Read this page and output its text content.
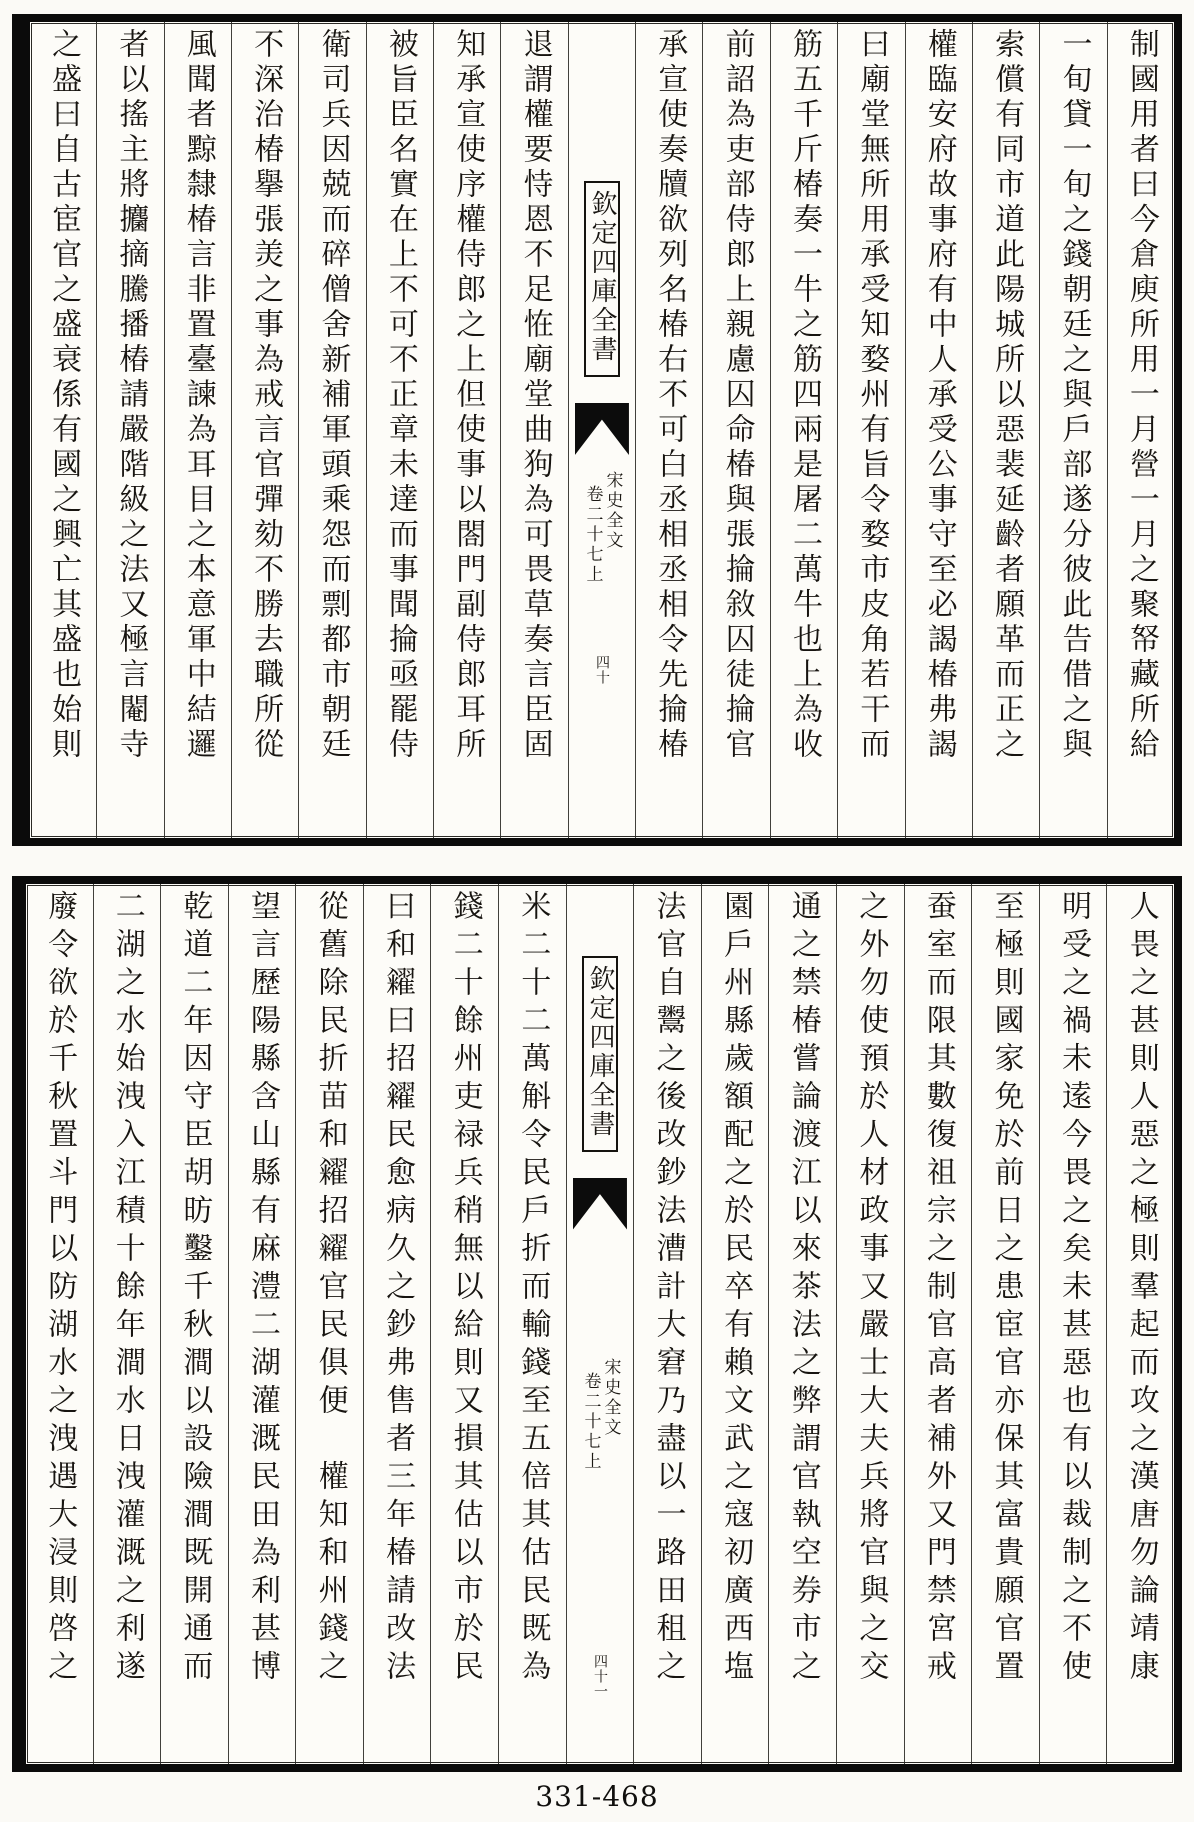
制國用者曰今倉庾所用一月營一月之聚帑藏所給
一旬貸一旬之錢朝廷之與戶部遂分彼此告借之與
索償有同市道此陽城所以惡裴延齡者願革而正之
權臨安府故事府有中人承受公事守至必謁椿弗謁
曰廟堂無所用承受知婺州有旨令婺市皮角若干而
筋五千斤椿奏一牛之筋四兩是屠二萬牛也上為收
前詔為吏部侍郎上親慮囚命椿與張掄敘囚徒掄官
承宣使奏牘欲列名椿右不可白丞相丞相令先掄椿
欽定四庫全書
宋史全文
卷二十七上
四十
退謂權要恃恩不足恠廟堂曲狗為可畏草奏言臣固
知承宣使序權侍郎之上但使事以閤門副侍郎耳所
被旨臣名實在上不可不正章未達而事聞掄亟罷侍
衛司兵因兢而碎僧舍新補軍頭乘怨而剽都市朝廷
不深治椿擧張羙之事為戒言官彈劾不勝去職所從
風聞者黥隸椿言非置臺諫為耳目之本意軍中結邏
者以搖主將攟摘騰播椿請嚴階級之法又極言閹寺
之盛曰自古宦官之盛衰係有國之興亡其盛也始則
人畏之甚則人惡之極則羣起而攻之漢唐勿論靖康
明受之禍未逺今畏之矣未甚惡也有以裁制之不使
至極則國家免於前日之患宦官亦保其富貴願官置
蚕室而限其數復祖宗之制官高者補外又門禁宮戒
之外勿使預於人材政事又嚴士大夫兵將官與之交
通之禁椿嘗論渡江以來茶法之弊謂官執空券市之
園戶州縣歲額配之於民卒有賴文武之寇初廣西塩
法官自鬻之後改鈔法漕計大窘乃盡以一路田租之
欽定四庫全書
宋史全文
卷二十七上
四十一
米二十二萬斛令民戶折而輸錢至五倍其估民既為
錢二十餘州吏禄兵稍無以給則又損其估以市於民
曰和糴曰招糴民愈病久之鈔弗售者三年椿請改法
從舊除民折苗和糴招糴官民俱便　權知和州錢之
望言歷陽縣含山縣有麻澧二湖灌溉民田為利甚博
乾道二年因守臣胡昉鑿千秋澗以設險澗既開通而
二湖之水始洩入江積十餘年澗水日洩灌溉之利遂
廢令欲於千秋置斗門以防湖水之洩遇大浸則啓之
331-468
